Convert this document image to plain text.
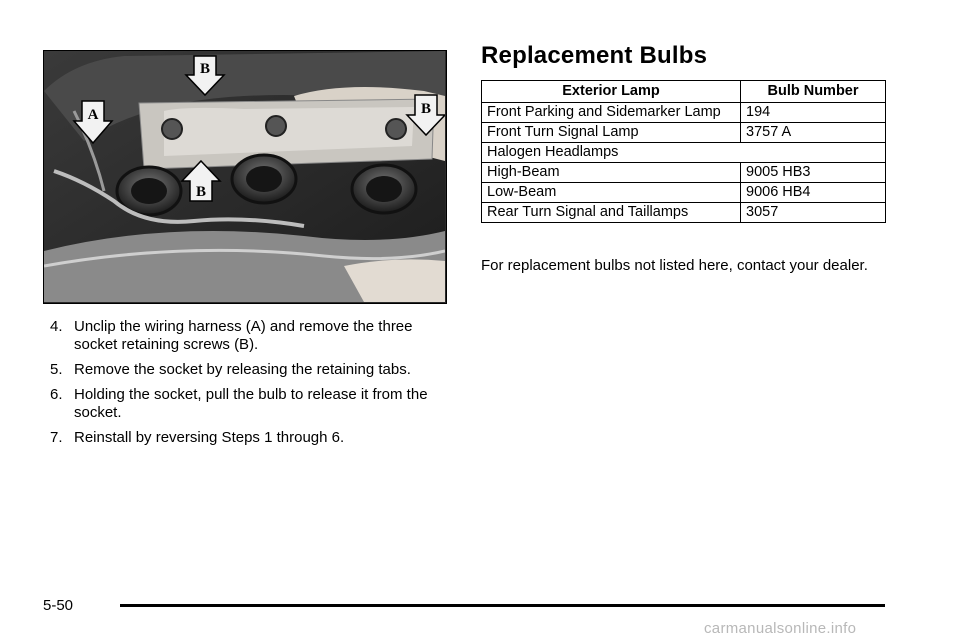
A
B
B
B
4. Unclip the wiring harness (A) and remove the three socket retaining screws (B).
5. Remove the socket by releasing the retaining tabs.
6. Holding the socket, pull the bulb to release it from the socket.
7. Reinstall by reversing Steps 1 through 6.
Replacement Bulbs
Exterior Lamp	Bulb Number
Front Parking and Sidemarker Lamp	194
Front Turn Signal Lamp	3757 A
Halogen Headlamps	
High-Beam	9005 HB3
Low-Beam	9006 HB4
Rear Turn Signal and Taillamps	3057

For replacement bulbs not listed here, contact your dealer.

5-50

carmanualsonline.info
